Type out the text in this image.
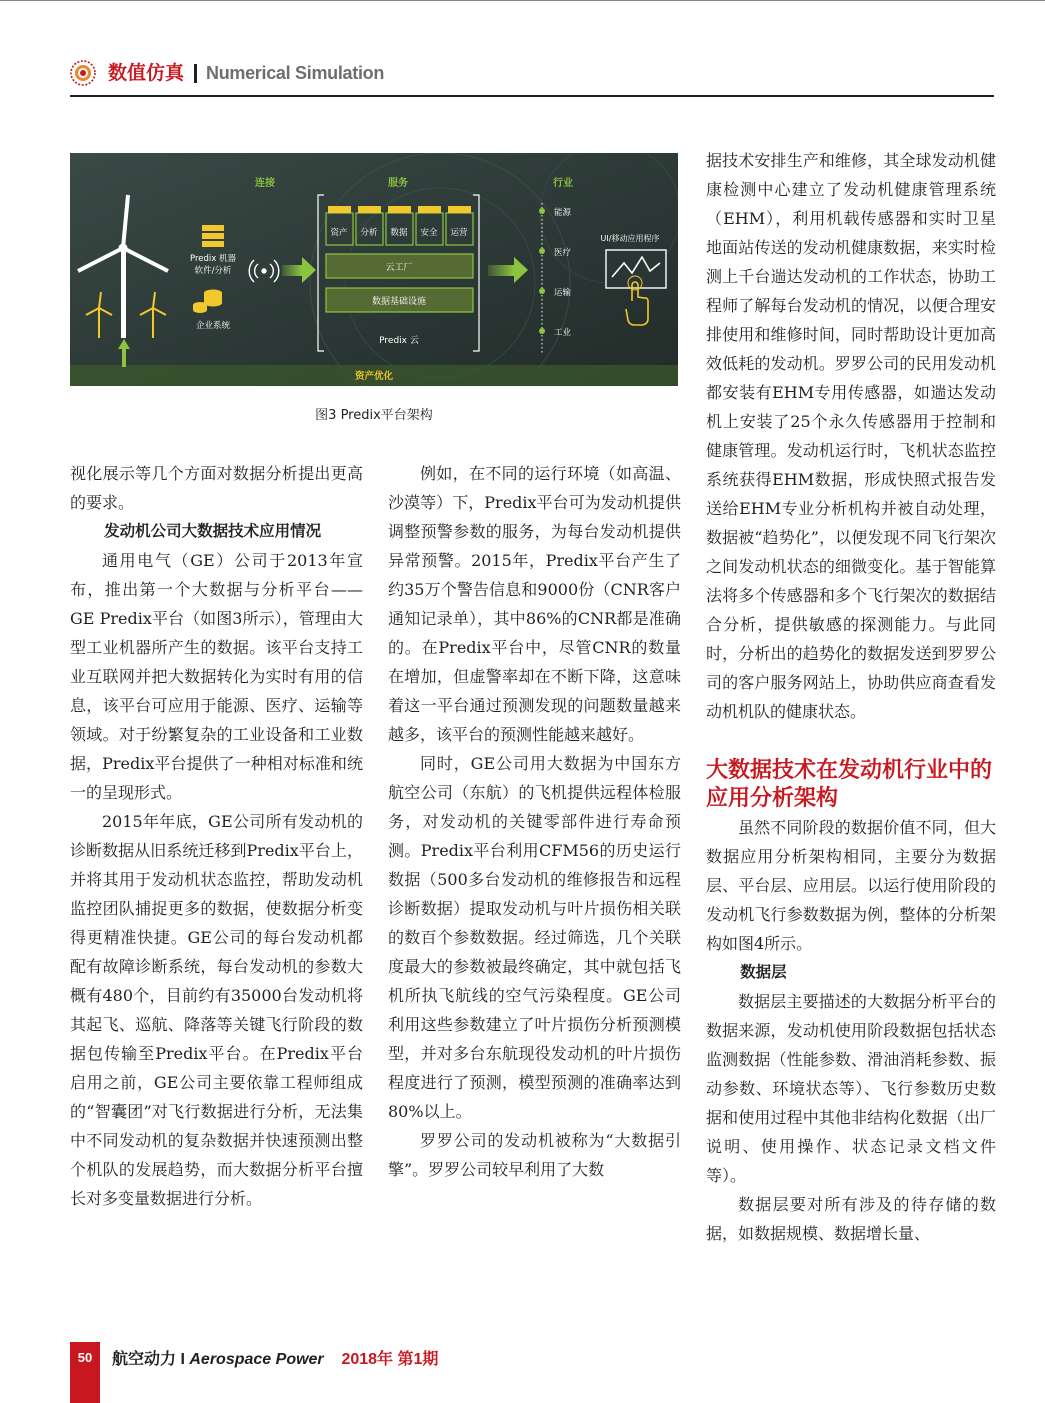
数值仿真 Numerical Simulation
连接	服务	行业
Predix 机器
软件/分析
企业系统
资产 分析 数据 安全 运营
云工厂
数据基础设施
Predix 云
能源
医疗
运输
工业
UI/移动应用程序
资产优化
图3 Predix平台架构

视化展示等几个方面对数据分析提出更高的要求。

发动机公司大数据技术应用情况

通用电气（GE）公司于2013年宣布，推出第一个大数据与分析平台——GE Predix平台（如图3所示），管理由大型工业机器所产生的数据。该平台支持工业互联网并把大数据转化为实时有用的信息，该平台可应用于能源、医疗、运输等领域。对于纷繁复杂的工业设备和工业数据，Predix平台提供了一种相对标准和统一的呈现形式。

2015年年底，GE公司所有发动机的诊断数据从旧系统迁移到Predix平台上，并将其用于发动机状态监控，帮助发动机监控团队捕捉更多的数据，使数据分析变得更精准快捷。GE公司的每台发动机都配有故障诊断系统，每台发动机的参数大概有480个，目前约有35000台发动机将其起飞、巡航、降落等关键飞行阶段的数据包传输至Predix平台。在Predix平台启用之前，GE公司主要依靠工程师组成的“智囊团”对飞行数据进行分析，无法集中不同发动机的复杂数据并快速预测出整个机队的发展趋势，而大数据分析平台擅长对多变量数据进行分析。

例如，在不同的运行环境（如高温、沙漠等）下，Predix平台可为发动机提供调整预警参数的服务，为每台发动机提供异常预警。2015年，Predix平台产生了约35万个警告信息和9000份（CNR客户通知记录单），其中86%的CNR都是准确的。在Predix平台中，尽管CNR的数量在增加，但虚警率却在不断下降，这意味着这一平台通过预测发现的问题数量越来越多，该平台的预测性能越来越好。

同时，GE公司用大数据为中国东方航空公司（东航）的飞机提供远程体检服务，对发动机的关键零部件进行寿命预测。Predix平台利用CFM56的历史运行数据（500多台发动机的维修报告和远程诊断数据）提取发动机与叶片损伤相关联的数百个参数数据。经过筛选，几个关联度最大的参数被最终确定，其中就包括飞机所执飞航线的空气污染程度。GE公司利用这些参数建立了叶片损伤分析预测模型，并对多台东航现役发动机的叶片损伤程度进行了预测，模型预测的准确率达到80%以上。

罗罗公司的发动机被称为“大数据引擎”。罗罗公司较早利用了大数

据技术安排生产和维修，其全球发动机健康检测中心建立了发动机健康管理系统（EHM），利用机载传感器和实时卫星地面站传送的发动机健康数据，来实时检测上千台遄达发动机的工作状态，协助工程师了解每台发动机的情况，以便合理安排使用和维修时间，同时帮助设计更加高效低耗的发动机。罗罗公司的民用发动机都安装有EHM专用传感器，如遄达发动机上安装了25个永久传感器用于控制和健康管理。发动机运行时，飞机状态监控系统获得EHM数据，形成快照式报告发送给EHM专业分析机构并被自动处理，数据被“趋势化”，以便发现不同飞行架次之间发动机状态的细微变化。基于智能算法将多个传感器和多个飞行架次的数据结合分析，提供敏感的探测能力。与此同时，分析出的趋势化的数据发送到罗罗公司的客户服务网站上，协助供应商查看发动机机队的健康状态。

大数据技术在发动机行业中的应用分析架构

虽然不同阶段的数据价值不同，但大数据应用分析架构相同，主要分为数据层、平台层、应用层。以运行使用阶段的发动机飞行参数数据为例，整体的分析架构如图4所示。

数据层

数据层主要描述的大数据分析平台的数据来源，发动机使用阶段数据包括状态监测数据（性能参数、滑油消耗参数、振动参数、环境状态等）、飞行参数历史数据和使用过程中其他非结构化数据（出厂说明、使用操作、状态记录文档文件等）。

数据层要对所有涉及的待存储的数据，如数据规模、数据增长量、

50	航空动力 I Aerospace Power 2018年 第1期
